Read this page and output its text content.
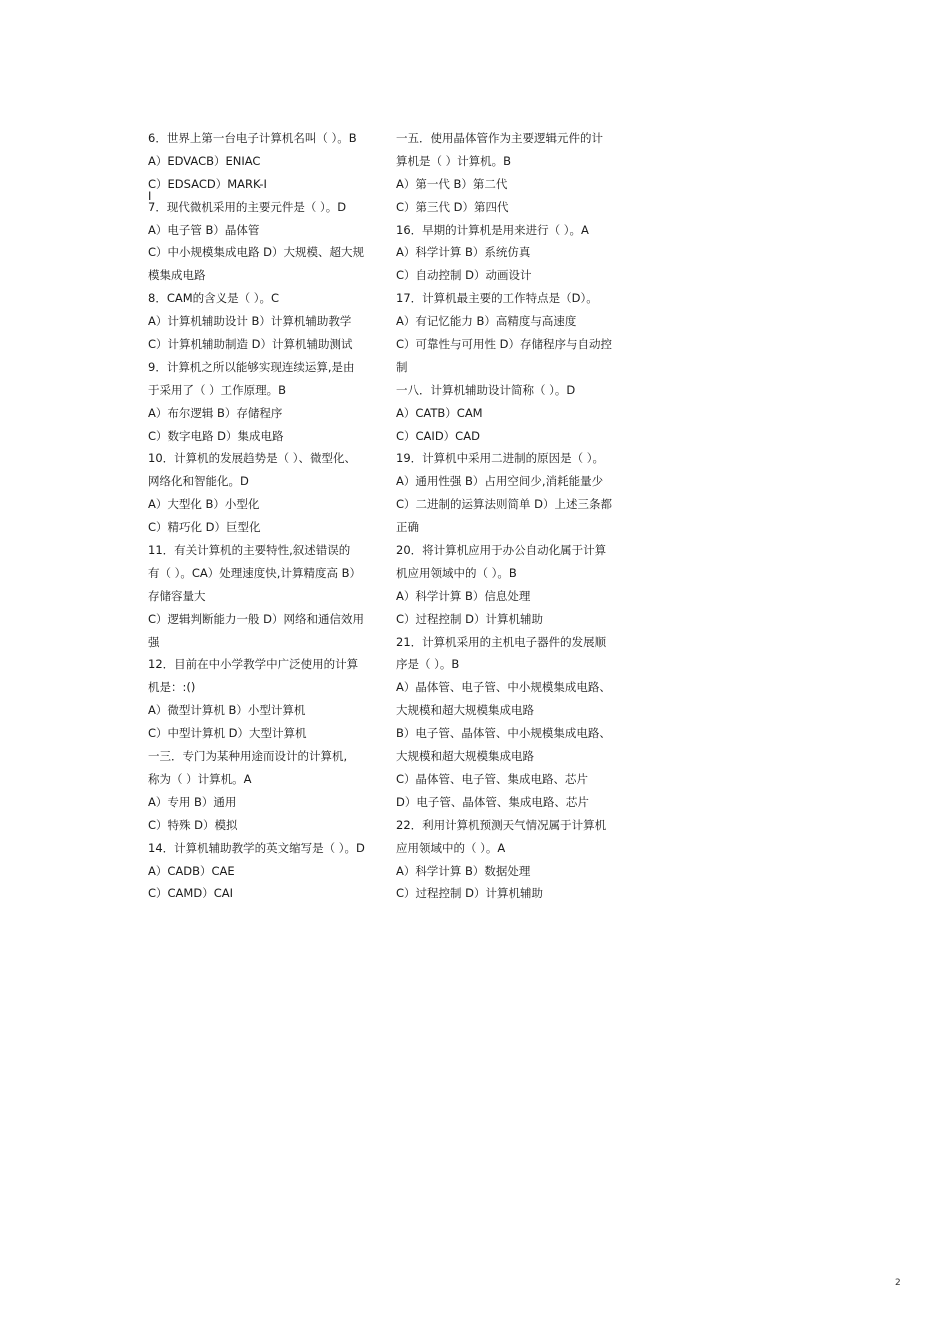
6．世界上第一台电子计算机名叫（ ）。B
A）EDVACB）ENIAC
C）EDSACD）MARK-II
7．现代微机采用的主要元件是（ ）。D
A）电子管 B）晶体管
C）中小规模集成电路 D）大规模、超大规
模集成电路
8．CAM的含义是（ ）。C
A）计算机辅助设计 B）计算机辅助教学
C）计算机辅助制造 D）计算机辅助测试
9．计算机之所以能够实现连续运算,是由
于采用了（ ）工作原理。B
A）布尔逻辑 B）存储程序
C）数字电路 D）集成电路
10．计算机的发展趋势是（ ）、微型化、
网络化和智能化。D
A）大型化 B）小型化
C）精巧化 D）巨型化
11．有关计算机的主要特性,叙述错误的
有（ ）。CA）处理速度快,计算精度高 B）
存储容量大
C）逻辑判断能力一般 D）网络和通信效用
强
12．目前在中小学教学中广泛使用的计算
机是：:()
A）微型计算机 B）小型计算机
C）中型计算机 D）大型计算机
一三．专门为某种用途而设计的计算机,
称为（ ）计算机。A
A）专用 B）通用
C）特殊 D）模拟
14．计算机辅助教学的英文缩写是（ ）。D
A）CADB）CAE
C）CAMD）CAI
一五．使用晶体管作为主要逻辑元件的计
算机是（ ）计算机。B
A）第一代 B）第二代
C）第三代 D）第四代
16．早期的计算机是用来进行（ ）。A
A）科学计算 B）系统仿真
C）自动控制 D）动画设计
17．计算机最主要的工作特点是（D）。
A）有记忆能力 B）高精度与高速度
C）可靠性与可用性 D）存储程序与自动控
制
一八．计算机辅助设计简称（ ）。D
A）CATB）CAM
C）CAID）CAD
19．计算机中采用二进制的原因是（ ）。
A）通用性强 B）占用空间少,消耗能量少
C）二进制的运算法则简单 D）上述三条都
正确
20．将计算机应用于办公自动化属于计算
机应用领域中的（ ）。B
A）科学计算 B）信息处理
C）过程控制 D）计算机辅助
21．计算机采用的主机电子器件的发展顺
序是（ ）。B
A）晶体管、电子管、中小规模集成电路、
大规模和超大规模集成电路
B）电子管、晶体管、中小规模集成电路、
大规模和超大规模集成电路
C）晶体管、电子管、集成电路、芯片
D）电子管、晶体管、集成电路、芯片
22．利用计算机预测天气情况属于计算机
应用领域中的（ ）。A
A）科学计算 B）数据处理
C）过程控制 D）计算机辅助
2
